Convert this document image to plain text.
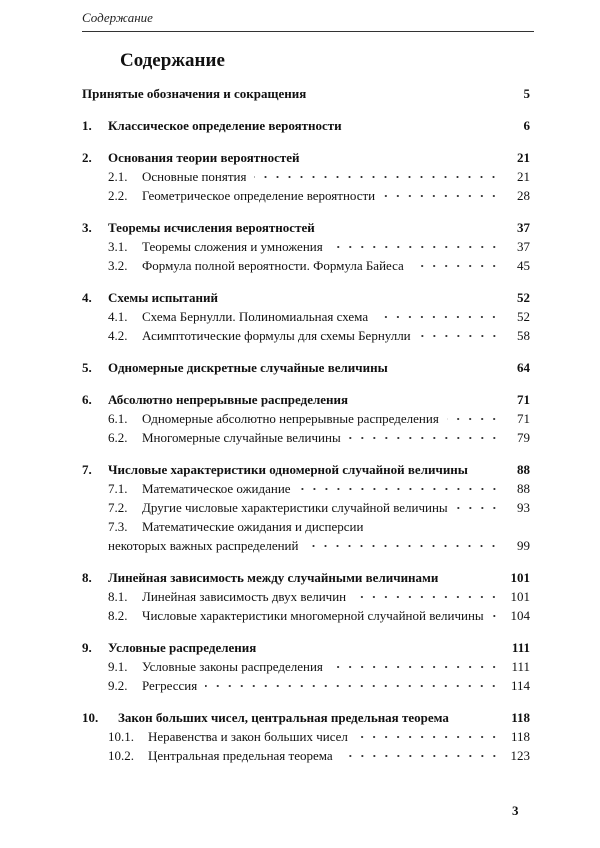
Содержание
Содержание
Принятые обозначения и сокращения	5
1.	Классическое определение вероятности	6
2.	Основания теории вероятностей	21
2.1.	Основные понятия	21
2.2.	Геометрическое определение вероятности	28
3.	Теоремы исчисления вероятностей	37
3.1.	Теоремы сложения и умножения	37
3.2.	Формула полной вероятности. Формула Байеса	45
4.	Схемы испытаний	52
4.1.	Схема Бернулли. Полиномиальная схема	52
4.2.	Асимптотические формулы для схемы Бернулли	58
5.	Одномерные дискретные случайные величины	64
6.	Абсолютно непрерывные распределения	71
6.1.	Одномерные абсолютно непрерывные распределения	71
6.2.	Многомерные случайные величины	79
7.	Числовые характеристики одномерной случайной величины	88
7.1.	Математическое ожидание	88
7.2.	Другие числовые характеристики случайной величины	93
7.3.	Математические ожидания и дисперсии
некоторых важных распределений	99
8.	Линейная зависимость между случайными величинами	101
8.1.	Линейная зависимость двух величин	101
8.2.	Числовые характеристики многомерной случайной величины 104
9.	Условные распределения	111
9.1.	Условные законы распределения	111
9.2.	Регрессия	114
10.	Закон больших чисел, центральная предельная теорема	118
10.1.	Неравенства и закон больших чисел	118
10.2.	Центральная предельная теорема	123
3
